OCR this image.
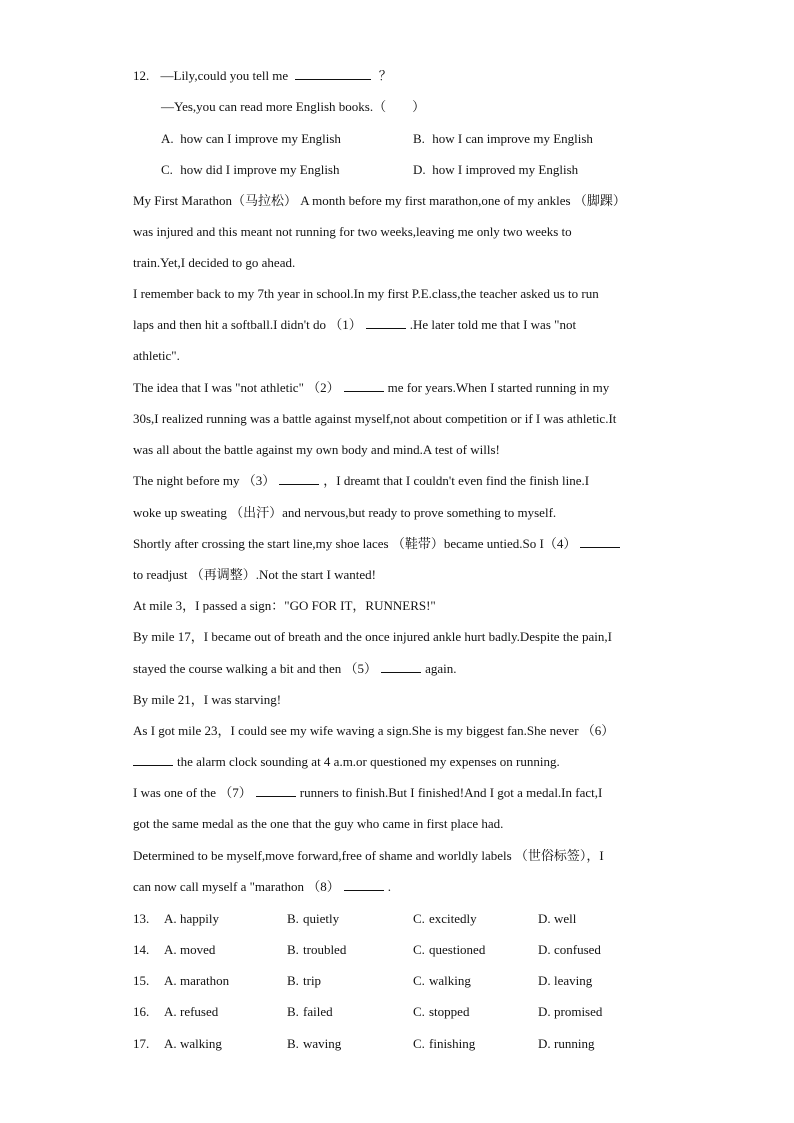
12. —Lily,could you tell me	？
—Yes,you can read more English books.（　　）
A. how can I improve my English	B. how I can improve my English
C. how did I improve my English	D. how I improved my English
My First Marathon（马拉松） A month before my first marathon,one of my ankles （脚踝）
was injured and this meant not running for two weeks,leaving me only two weeks to
train.Yet,I decided to go ahead.
I remember back to my 7th year in school.In my first P.E.class,the teacher asked us to run
laps and then hit a softball.I didn't do （1）	.He later told me that I was "not
athletic".
The idea that I was "not athletic" （2）	me for years.When I started running in my
30s,I realized running was a battle against myself,not about competition or if I was athletic.It
was all about the battle against my own body and mind.A test of wills!
The night before my （3）	，I dreamt that I couldn't even find the finish line.I
woke up sweating （出汗）and nervous,but ready to prove something to myself.
Shortly after crossing the start line,my shoe laces （鞋带）became untied.So I（4）
to readjust （再调整）.Not the start I wanted!
At mile 3，I passed a sign："GO FOR IT，RUNNERS!"
By mile 17，I became out of breath and the once injured ankle hurt badly.Despite the pain,I
stayed the course walking a bit and then （5）	again.
By mile 21，I was starving!
As I got mile 23，I could see my wife waving a sign.She is my biggest fan.She never （6）
the alarm clock sounding at 4 a.m.or questioned my expenses on running.
I was one of the （7）	runners to finish.But I finished!And I got a medal.In fact,I
got the same medal as the one that the guy who came in first place had.
Determined to be myself,move forward,free of shame and worldly labels （世俗标签），I
can now call myself a "marathon （8）	.
13. A. happily	B. quietly	C. excitedly	D. well
14. A. moved	B. troubled	C. questioned	D. confused
15. A. marathon	B. trip	C. walking	D. leaving
16. A. refused	B. failed	C. stopped	D. promised
17. A. walking	B. waving	C. finishing	D. running
